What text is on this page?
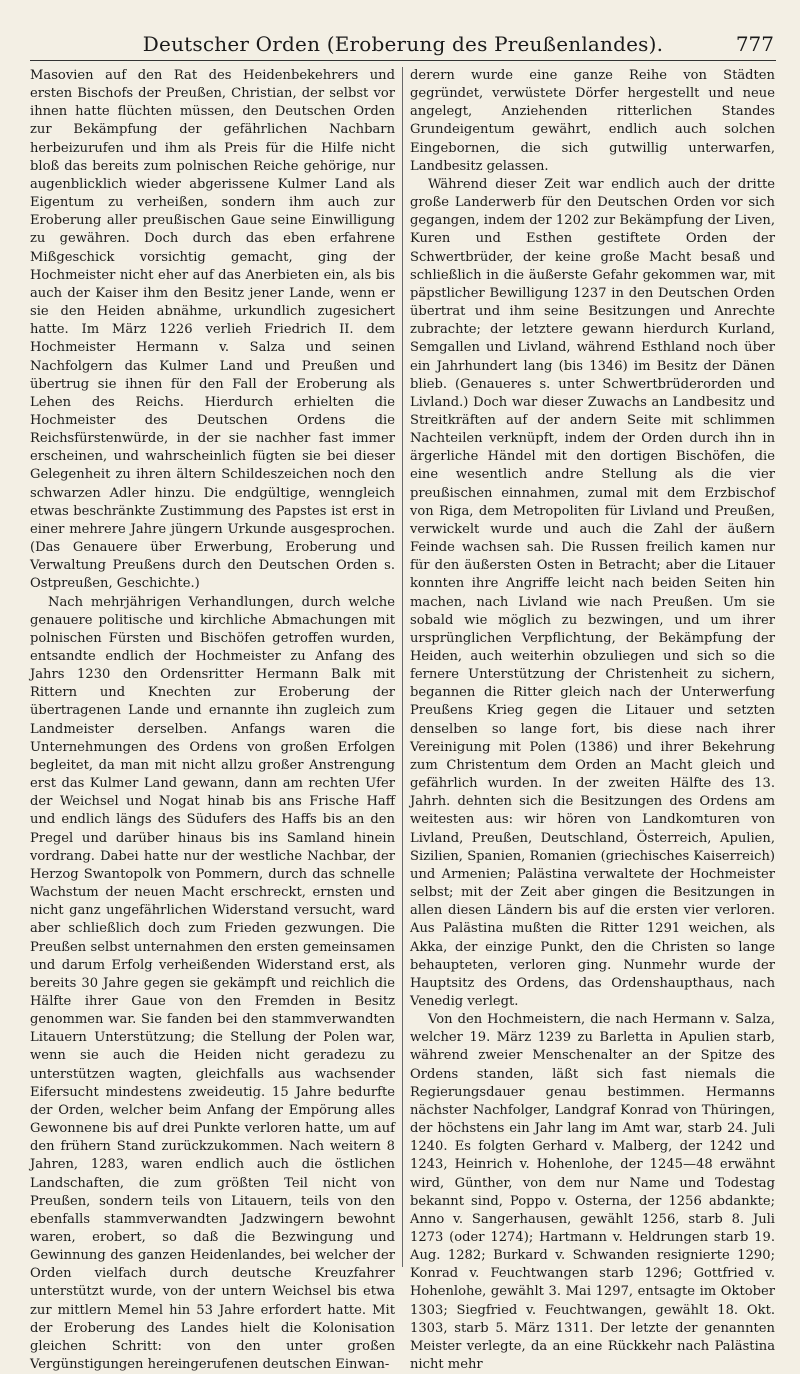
Deutscher Orden (Eroberung des Preußenlandes).	777

Masovien auf den Rat des Heidenbekehrers und ersten Bischofs der Preußen, Christian, der selbst vor ihnen hatte flüchten müssen, den Deutschen Orden zur Bekämpfung der gefährlichen Nachbarn herbeizurufen und ihm als Preis für die Hilfe nicht bloß das bereits zum polnischen Reiche gehörige, nur augenblicklich wieder abgerissene Kulmer Land als Eigentum zu verheißen, sondern ihm auch zur Eroberung aller preußischen Gaue seine Einwilligung zu gewähren. Doch durch das eben erfahrene Mißgeschick vorsichtig gemacht, ging der Hochmeister nicht eher auf das Anerbieten ein, als bis auch der Kaiser ihm den Besitz jener Lande, wenn er sie den Heiden abnähme, urkundlich zugesichert hatte. Im März 1226 verlieh Friedrich II. dem Hochmeister Hermann v. Salza und seinen Nachfolgern das Kulmer Land und Preußen und übertrug sie ihnen für den Fall der Eroberung als Lehen des Reichs. Hierdurch erhielten die Hochmeister des Deutschen Ordens die Reichsfürstenwürde, in der sie nachher fast immer erscheinen, und wahrscheinlich fügten sie bei dieser Gelegenheit zu ihren ältern Schildeszeichen noch den schwarzen Adler hinzu. Die endgültige, wenngleich etwas beschränkte Zustimmung des Papstes ist erst in einer mehrere Jahre jüngern Urkunde ausgesprochen. (Das Genauere über Erwerbung, Eroberung und Verwaltung Preußens durch den Deutschen Orden s. Ostpreußen, Geschichte.)

Nach mehrjährigen Verhandlungen, durch welche genauere politische und kirchliche Abmachungen mit polnischen Fürsten und Bischöfen getroffen wurden, entsandte endlich der Hochmeister zu Anfang des Jahrs 1230 den Ordensritter Hermann Balk mit Rittern und Knechten zur Eroberung der übertragenen Lande und ernannte ihn zugleich zum Landmeister derselben. Anfangs waren die Unternehmungen des Ordens von großen Erfolgen begleitet, da man mit nicht allzu großer Anstrengung erst das Kulmer Land gewann, dann am rechten Ufer der Weichsel und Nogat hinab bis ans Frische Haff und endlich längs des Südufers des Haffs bis an den Pregel und darüber hinaus bis ins Samland hinein vordrang. Dabei hatte nur der westliche Nachbar, der Herzog Swantopolk von Pommern, durch das schnelle Wachstum der neuen Macht erschreckt, ernsten und nicht ganz ungefährlichen Widerstand versucht, ward aber schließlich doch zum Frieden gezwungen. Die Preußen selbst unternahmen den ersten gemeinsamen und darum Erfolg verheißenden Widerstand erst, als bereits 30 Jahre gegen sie gekämpft und reichlich die Hälfte ihrer Gaue von den Fremden in Besitz genommen war. Sie fanden bei den stammverwandten Litauern Unterstützung; die Stellung der Polen war, wenn sie auch die Heiden nicht geradezu zu unterstützen wagten, gleichfalls aus wachsender Eifersucht mindestens zweideutig. 15 Jahre bedurfte der Orden, welcher beim Anfang der Empörung alles Gewonnene bis auf drei Punkte verloren hatte, um auf den frühern Stand zurückzukommen. Nach weitern 8 Jahren, 1283, waren endlich auch die östlichen Landschaften, die zum größten Teil nicht von Preußen, sondern teils von Litauern, teils von den ebenfalls stammverwandten Jadzwingern bewohnt waren, erobert, so daß die Bezwingung und Gewinnung des ganzen Heidenlandes, bei welcher der Orden vielfach durch deutsche Kreuzfahrer unterstützt wurde, von der untern Weichsel bis etwa zur mittlern Memel hin 53 Jahre erfordert hatte. Mit der Eroberung des Landes hielt die Kolonisation gleichen Schritt: von den unter großen Vergünstigungen hereingerufenen deutschen Einwan-

derern wurde eine ganze Reihe von Städten gegründet, verwüstete Dörfer hergestellt und neue angelegt, Anziehenden ritterlichen Standes Grundeigentum gewährt, endlich auch solchen Eingebornen, die sich gutwillig unterwarfen, Landbesitz gelassen.

Während dieser Zeit war endlich auch der dritte große Landerwerb für den Deutschen Orden vor sich gegangen, indem der 1202 zur Bekämpfung der Liven, Kuren und Esthen gestiftete Orden der Schwertbrüder, der keine große Macht besaß und schließlich in die äußerste Gefahr gekommen war, mit päpstlicher Bewilligung 1237 in den Deutschen Orden übertrat und ihm seine Besitzungen und Anrechte zubrachte; der letztere gewann hierdurch Kurland, Semgallen und Livland, während Esthland noch über ein Jahrhundert lang (bis 1346) im Besitz der Dänen blieb. (Genaueres s. unter Schwertbrüderorden und Livland.) Doch war dieser Zuwachs an Landbesitz und Streitkräften auf der andern Seite mit schlimmen Nachteilen verknüpft, indem der Orden durch ihn in ärgerliche Händel mit den dortigen Bischöfen, die eine wesentlich andre Stellung als die vier preußischen einnahmen, zumal mit dem Erzbischof von Riga, dem Metropoliten für Livland und Preußen, verwickelt wurde und auch die Zahl der äußern Feinde wachsen sah. Die Russen freilich kamen nur für den äußersten Osten in Betracht; aber die Litauer konnten ihre Angriffe leicht nach beiden Seiten hin machen, nach Livland wie nach Preußen. Um sie sobald wie möglich zu bezwingen, und um ihrer ursprünglichen Verpflichtung, der Bekämpfung der Heiden, auch weiterhin obzuliegen und sich so die fernere Unterstützung der Christenheit zu sichern, begannen die Ritter gleich nach der Unterwerfung Preußens Krieg gegen die Litauer und setzten denselben so lange fort, bis diese nach ihrer Vereinigung mit Polen (1386) und ihrer Bekehrung zum Christentum dem Orden an Macht gleich und gefährlich wurden. In der zweiten Hälfte des 13. Jahrh. dehnten sich die Besitzungen des Ordens am weitesten aus: wir hören von Landkomturen von Livland, Preußen, Deutschland, Österreich, Apulien, Sizilien, Spanien, Romanien (griechisches Kaiserreich) und Armenien; Palästina verwaltete der Hochmeister selbst; mit der Zeit aber gingen die Besitzungen in allen diesen Ländern bis auf die ersten vier verloren. Aus Palästina mußten die Ritter 1291 weichen, als Akka, der einzige Punkt, den die Christen so lange behaupteten, verloren ging. Nunmehr wurde der Hauptsitz des Ordens, das Ordenshaupthaus, nach Venedig verlegt.

Von den Hochmeistern, die nach Hermann v. Salza, welcher 19. März 1239 zu Barletta in Apulien starb, während zweier Menschenalter an der Spitze des Ordens standen, läßt sich fast niemals die Regierungsdauer genau bestimmen. Hermanns nächster Nachfolger, Landgraf Konrad von Thüringen, der höchstens ein Jahr lang im Amt war, starb 24. Juli 1240. Es folgten Gerhard v. Malberg, der 1242 und 1243, Heinrich v. Hohenlohe, der 1245—48 erwähnt wird, Günther, von dem nur Name und Todestag bekannt sind, Poppo v. Osterna, der 1256 abdankte; Anno v. Sangerhausen, gewählt 1256, starb 8. Juli 1273 (oder 1274); Hartmann v. Heldrungen starb 19. Aug. 1282; Burkard v. Schwanden resignierte 1290; Konrad v. Feuchtwangen starb 1296; Gottfried v. Hohenlohe, gewählt 3. Mai 1297, entsagte im Oktober 1303; Siegfried v. Feuchtwangen, gewählt 18. Okt. 1303, starb 5. März 1311. Der letzte der genannten Meister verlegte, da an eine Rückkehr nach Palästina nicht mehr
